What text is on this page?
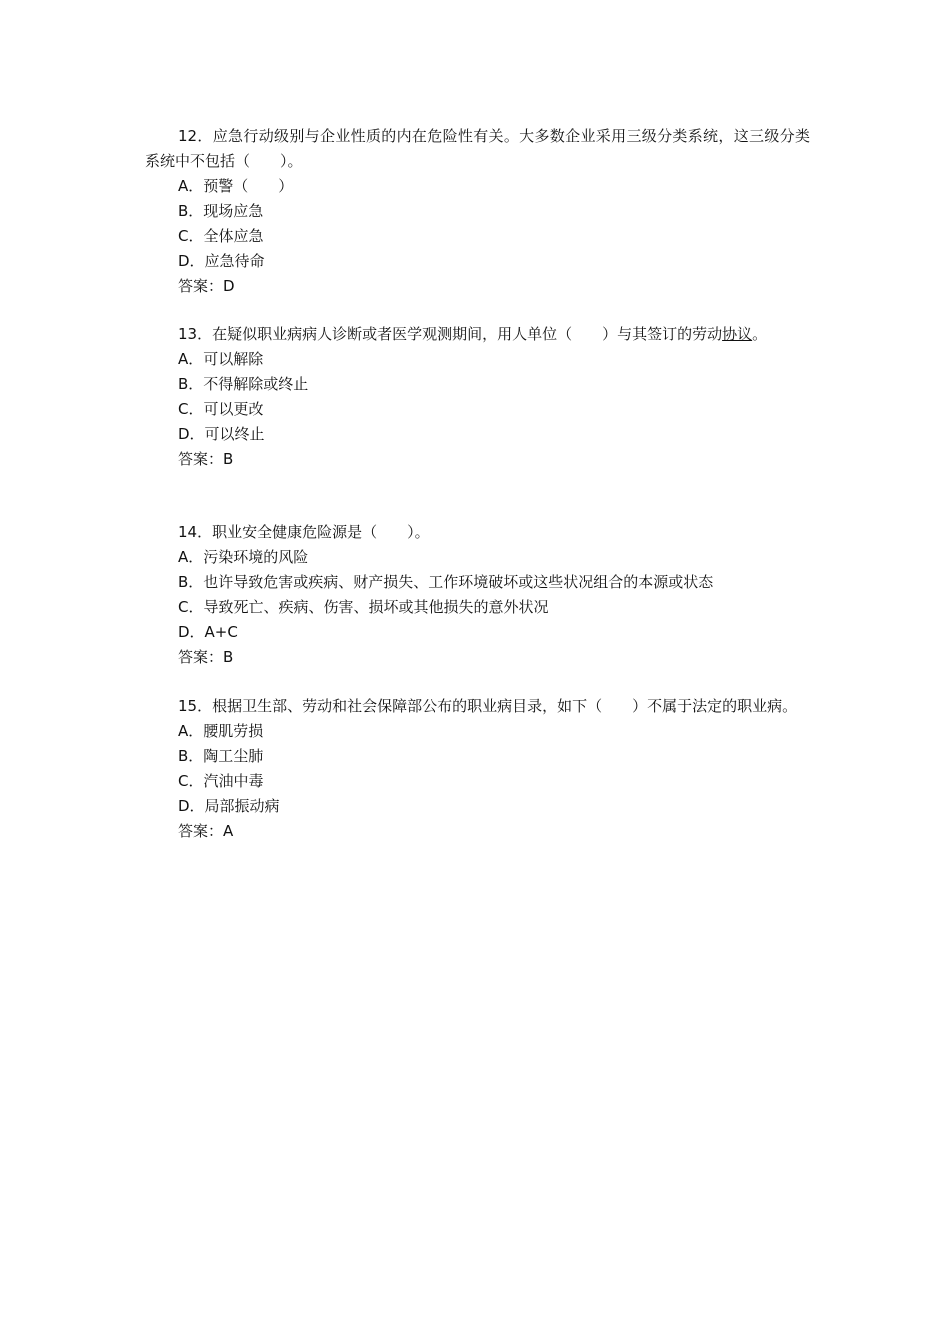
12．应急行动级别与企业性质的内在危险性有关。大多数企业采用三级分类系统，这三级分类系统中不包括（　　）。

A．预警（　　）

B．现场应急

C．全体应急

D．应急待命

答案：D

13．在疑似职业病病人诊断或者医学观测期间，用人单位（　　）与其签订的劳动协议。

A．可以解除

B．不得解除或终止

C．可以更改

D．可以终止

答案：B

14．职业安全健康危险源是（　　）。

A．污染环境的风险

B．也许导致危害或疾病、财产损失、工作环境破坏或这些状况组合的本源或状态

C．导致死亡、疾病、伤害、损坏或其他损失的意外状况

D．A+C

答案：B

15．根据卫生部、劳动和社会保障部公布的职业病目录，如下（　　）不属于法定的职业病。

A．腰肌劳损

B．陶工尘肺

C．汽油中毒

D．局部振动病

答案：A
